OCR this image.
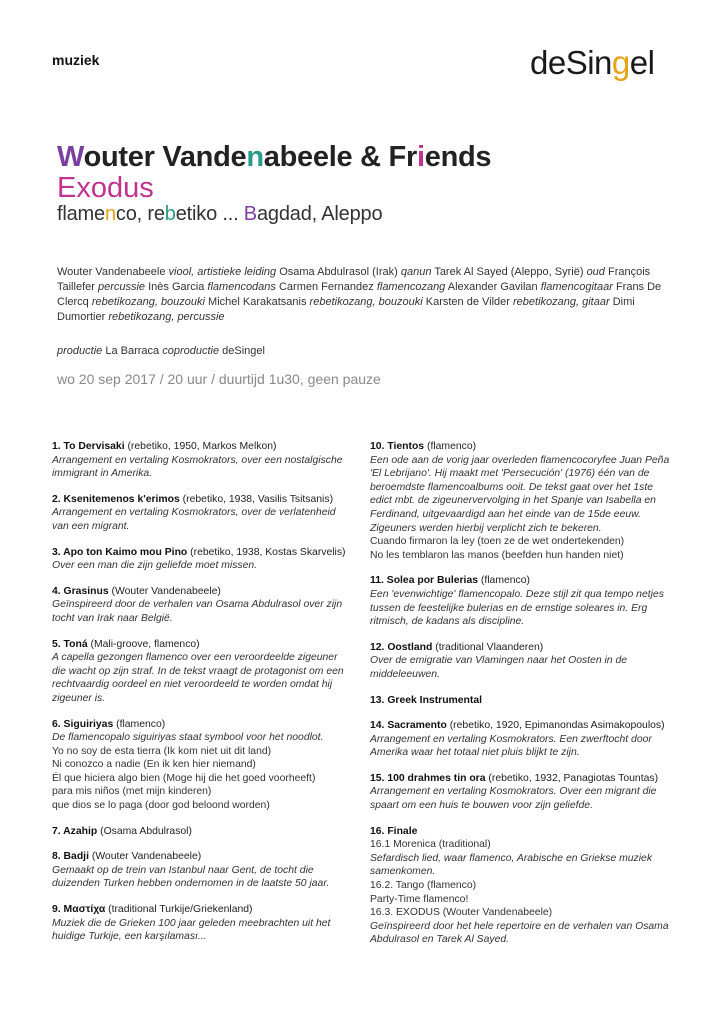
muziek	deSingel
Wouter Vandenabeele & Friends
Exodus
flamenco, rebetiko ... Bagdad, Aleppo
Wouter Vandenabeele viool, artistieke leiding Osama Abdulrasol (Irak) qanun Tarek Al Sayed (Aleppo, Syrië) oud François Taillefer percussie Inès Garcia flamencodans Carmen Fernandez flamencozang Alexander Gavilan flamencogitaar Frans De Clercq rebetikozang, bouzouki Michel Karakatsanis rebetikozang, bouzouki Karsten de Vilder rebetikozang, gitaar Dimi Dumortier rebetikozang, percussie
productie La Barraca coproductie deSingel
wo 20 sep 2017 / 20 uur / duurtijd 1u30, geen pauze
1. To Dervisaki (rebetiko, 1950, Markos Melkon)
Arrangement en vertaling Kosmokrators, over een nostalgische immigrant in Amerika.
2. Ksenitemenos k'erimos (rebetiko, 1938, Vasilis Tsitsanis)
Arrangement en vertaling Kosmokrators, over de verlatenheid van een migrant.
3. Apo ton Kaimo mou Pino (rebetiko, 1938, Kostas Skarvelis)
Over een man die zijn geliefde moet missen.
4. Grasinus (Wouter Vandenabeele)
Geïnspireerd door de verhalen van Osama Abdulrasol over zijn tocht van Irak naar België.
5. Toná (Mali-groove, flamenco)
A capella gezongen flamenco over een veroordeelde zigeuner die wacht op zijn straf. In de tekst vraagt de protagonist om een rechtvaardig oordeel en niet veroordeeld te worden omdat hij zigeuner is.
6. Siguiriyas (flamenco)
De flamencopalo siguiriyas staat symbool voor het noodlot.
Yo no soy de esta tierra (Ik kom niet uit dit land)
Ni conozco a nadie (En ik ken hier niemand)
Él que hiciera algo bien (Moge hij die het goed voorheeft)
para mis niños (met mijn kinderen)
que dios se lo paga (door god beloond worden)
7. Azahip (Osama Abdulrasol)
8. Badji (Wouter Vandenabeele)
Gemaakt op de trein van Istanbul naar Gent, de tocht die duizenden Turken hebben ondernomen in de laatste 50 jaar.
9. Μαστίχα (traditional Turkije/Griekenland)
Muziek die de Grieken 100 jaar geleden meebrachten uit het huidige Turkije, een karşılaması...
10. Tientos (flamenco)
Een ode aan de vorig jaar overleden flamencocoryfee Juan Peña 'El Lebrijano'. Hij maakt met 'Persecución' (1976) één van de beroemdste flamencoalbums ooit. De tekst gaat over het 1ste edict mbt. de zigeunervervolging in het Spanje van Isabella en Ferdinand, uitgevaardigd aan het einde van de 15de eeuw. Zigeuners werden hierbij verplicht zich te bekeren.
Cuando firmaron la ley (toen ze de wet ondertekenden)
No les temblaron las manos (beefden hun handen niet)
11. Solea por Bulerias (flamenco)
Een 'evenwichtige' flamencopalo. Deze stijl zit qua tempo netjes tussen de feestelijke bulerias en de ernstige soleares in. Erg ritmisch, de kadans als discipline.
12. Oostland (traditional Vlaanderen)
Over de emigratie van Vlamingen naar het Oosten in de middeleeuwen.
13. Greek Instrumental
14. Sacramento (rebetiko, 1920, Epimanondas Asimakopoulos)
Arrangement en vertaling Kosmokrators. Een zwerftocht door Amerika waar het totaal niet pluis blijkt te zijn.
15. 100 drahmes tin ora (rebetiko, 1932, Panagiotas Tountas)
Arrangement en vertaling Kosmokrators. Over een migrant die spaart om een huis te bouwen voor zijn geliefde.
16. Finale
16.1 Morenica (traditional)
Sefardisch lied, waar flamenco, Arabische en Griekse muziek samenkomen.
16.2. Tango (flamenco)
Party-Time flamenco!
16.3. EXODUS (Wouter Vandenabeele)
Geïnspireerd door het hele repertoire en de verhalen van Osama Abdulrasol en Tarek Al Sayed.
